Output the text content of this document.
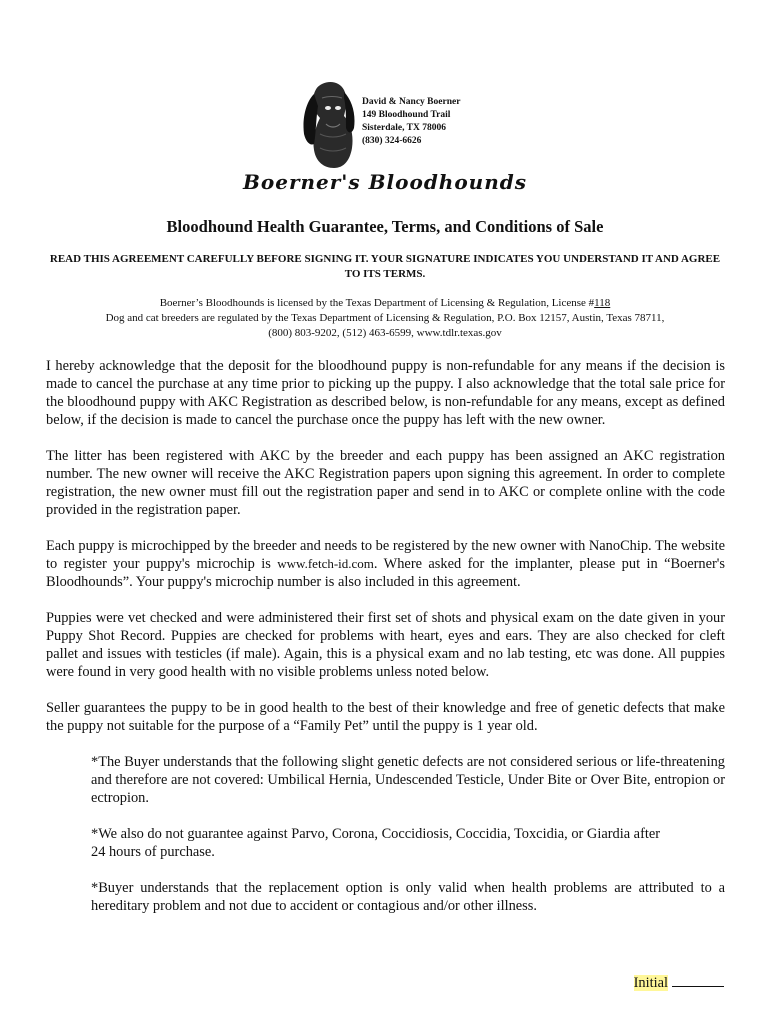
David & Nancy Boerner
149 Bloodhound Trail
Sisterdale, TX 78006
(830) 324-6626
Boerner's Bloodhounds
Bloodhound Health Guarantee, Terms, and Conditions of Sale
READ THIS AGREEMENT CAREFULLY BEFORE SIGNING IT. YOUR SIGNATURE INDICATES YOU UNDERSTAND IT AND AGREE TO ITS TERMS.
Boerner’s Bloodhounds is licensed by the Texas Department of Licensing & Regulation, License #118
Dog and cat breeders are regulated by the Texas Department of Licensing & Regulation, P.O. Box 12157, Austin, Texas 78711,
(800) 803-9202, (512) 463-6599, www.tdlr.texas.gov

I hereby acknowledge that the deposit for the bloodhound puppy is non-refundable for any means if the decision is made to cancel the purchase at any time prior to picking up the puppy. I also acknowledge that the total sale price for the bloodhound puppy with AKC Registration as described below, is non-refundable for any means, except as defined below, if the decision is made to cancel the purchase once the puppy has left with the new owner.

The litter has been registered with AKC by the breeder and each puppy has been assigned an AKC registration number. The new owner will receive the AKC Registration papers upon signing this agreement. In order to complete registration, the new owner must fill out the registration paper and send in to AKC or complete online with the code provided in the registration paper.

Each puppy is microchipped by the breeder and needs to be registered by the new owner with NanoChip. The website to register your puppy's microchip is www.fetch-id.com. Where asked for the implanter, please put in “Boerner's Bloodhounds”. Your puppy's microchip number is also included in this agreement.

Puppies were vet checked and were administered their first set of shots and physical exam on the date given in your Puppy Shot Record. Puppies are checked for problems with heart, eyes and ears. They are also checked for cleft pallet and issues with testicles (if male). Again, this is a physical exam and no lab testing, etc was done. All puppies were found in very good health with no visible problems unless noted below.

Seller guarantees the puppy to be in good health to the best of their knowledge and free of genetic defects that make the puppy not suitable for the purpose of a “Family Pet” until the puppy is 1 year old.

*The Buyer understands that the following slight genetic defects are not considered serious or life-threatening and therefore are not covered: Umbilical Hernia, Undescended Testicle, Under Bite or Over Bite, entropion or ectropion.

*We also do not guarantee against Parvo, Corona, Coccidiosis, Coccidia, Toxcidia, or Giardia after
24 hours of purchase.

*Buyer understands that the replacement option is only valid when health problems are attributed to a hereditary problem and not due to accident or contagious and/or other illness.

Initial
